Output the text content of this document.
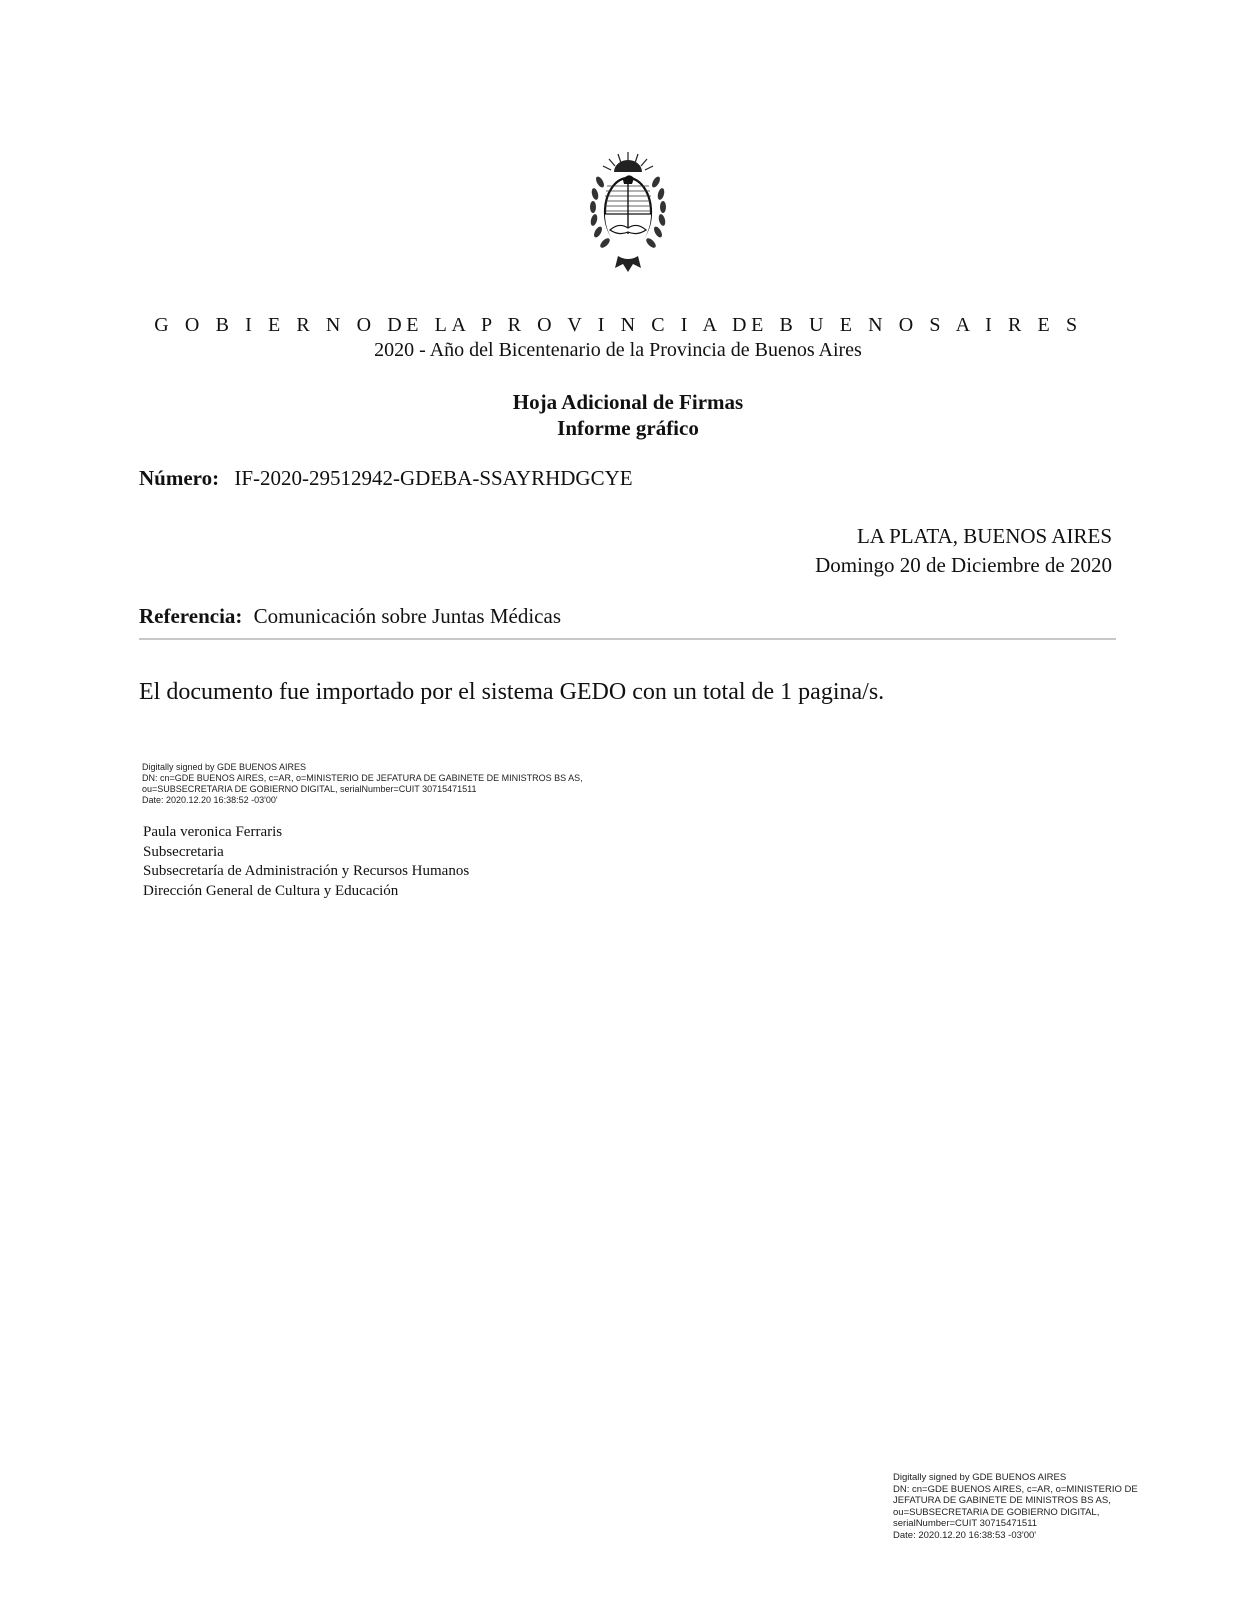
G O B I E R N O DE LA P R O V I N C I A DE B U E N O S A I R E S
2020 - Año del Bicentenario de la Provincia de Buenos Aires
Hoja Adicional de Firmas
Informe gráfico
Número: IF-2020-29512942-GDEBA-SSAYRHDGCYE
LA PLATA, BUENOS AIRES
Domingo 20 de Diciembre de 2020
Referencia: Comunicación sobre Juntas Médicas
El documento fue importado por el sistema GEDO con un total de 1 pagina/s.
Digitally signed by GDE BUENOS AIRES
DN: cn=GDE BUENOS AIRES, c=AR, o=MINISTERIO DE JEFATURA DE GABINETE DE MINISTROS BS AS,
ou=SUBSECRETARIA DE GOBIERNO DIGITAL, serialNumber=CUIT 30715471511
Date: 2020.12.20 16:38:52 -03'00'
Paula veronica Ferraris
Subsecretaria
Subsecretaría de Administración y Recursos Humanos
Dirección General de Cultura y Educación
Digitally signed by GDE BUENOS AIRES
DN: cn=GDE BUENOS AIRES, c=AR, o=MINISTERIO DE
JEFATURA DE GABINETE DE MINISTROS BS AS,
ou=SUBSECRETARIA DE GOBIERNO DIGITAL,
serialNumber=CUIT 30715471511
Date: 2020.12.20 16:38:53 -03'00'
